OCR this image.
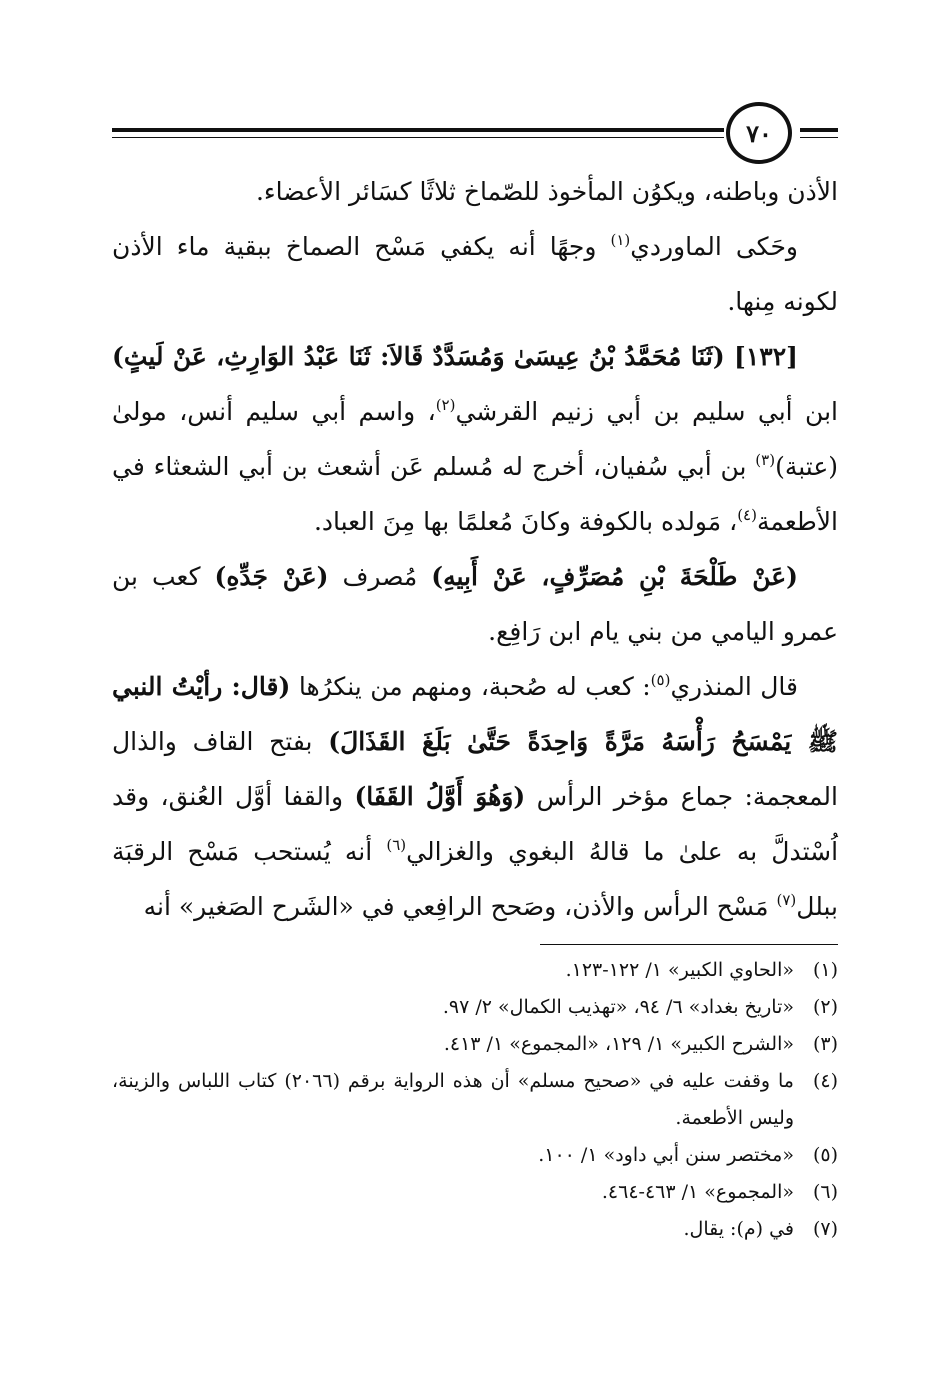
٧٠

الأذن وباطنه، ويكوُن المأخوذ للصّماخ ثلاثًا كسَائر الأعضاء.

وحَكى الماوردي$^{(١)}$ وجهًا أنه يكفي مَسْح الصماخ ببقية ماء الأذن لكونه مِنها.

[١٣٢] (ثَنَا مُحَمَّدُ بْنُ عِيسَىٰ وَمُسَدَّدٌ قَالاَ: ثَنَا عَبْدُ الوَارِثِ، عَنْ لَيثٍ) ابن أبي سليم بن أبي زنيم القرشي$^{(٢)}$، واسم أبي سليم أنس، مولىٰ (عتبة)$^{(٣)}$ بن أبي سُفيان، أخرج له مُسلم عَن أشعث بن أبي الشعثاء في الأطعمة$^{(٤)}$، مَولده بالكوفة وكانَ مُعلمًا بها مِنَ العباد.

(عَنْ طَلْحَةَ بْنِ مُصَرِّفٍ، عَنْ أَبِيهِ) مُصرف (عَنْ جَدِّهِ) كعب بن عمرو اليامي من بني يام ابن رَافِع.

قال المنذري$^{(٥)}$: كعب له صُحبة، ومنهم من ينكرُها (قال: رأيْتُ النبي ﷺ يَمْسَحُ رَأْسَهُ مَرَّةً وَاحِدَةً حَتَّىٰ بَلَغَ القَذَالَ) بفتح القاف والذال المعجمة: جماع مؤخر الرأس (وَهُوَ أَوَّلُ القَفَا) والقفا أوَّل العُنق، وقد اُسْتدلَّ به علىٰ ما قالهُ البغوي والغزالي$^{(٦)}$ أنه يُستحب مَسْح الرقبَة ببلل$^{(٧)}$ مَسْح الرأس والأذن، وصَحح الرافِعي في «الشَرح الصَغير» أنه

(١)
«الحاوي الكبير» ١/ ١٢٢-١٢٣.
(٢)
«تاريخ بغداد» ٦/ ٩٤، «تهذيب الكمال» ٢/ ٩٧.
(٣)
«الشرح الكبير» ١/ ١٢٩، «المجموع» ١/ ٤١٣.
(٤)
ما وقفت عليه في «صحيح مسلم» أن هذه الرواية برقم (٢٠٦٦) كتاب اللباس والزينة، وليس الأطعمة.
(٥)
«مختصر سنن أبي داود» ١/ ١٠٠.
(٦)
«المجموع» ١/ ٤٦٣-٤٦٤.
(٧)
في (م): يقال.
